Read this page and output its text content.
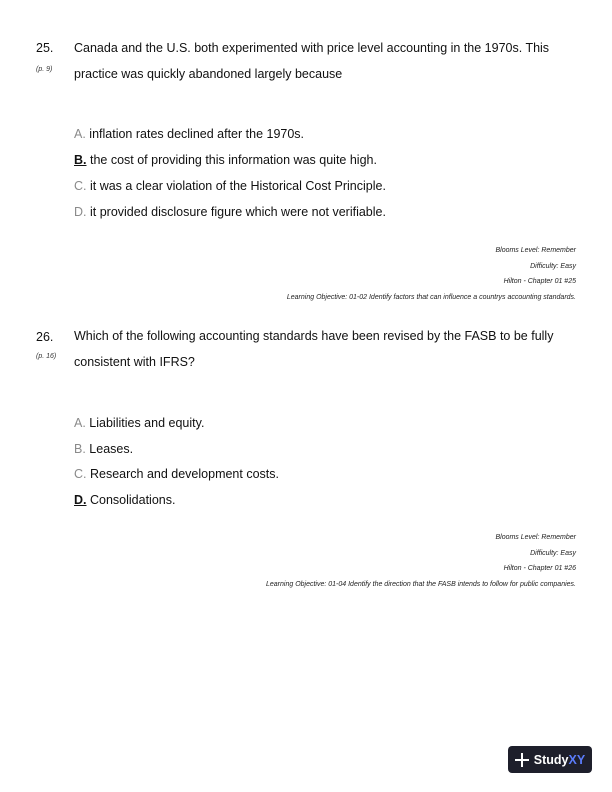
25.
(p. 9)
Canada and the U.S. both experimented with price level accounting in the 1970s. This practice was quickly abandoned largely because
A. inflation rates declined after the 1970s.
B. the cost of providing this information was quite high.
C. it was a clear violation of the Historical Cost Principle.
D. it provided disclosure figure which were not verifiable.
Blooms Level: Remember
Difficulty: Easy
Hilton - Chapter 01 #25
Learning Objective: 01-02 Identify factors that can influence a countrys accounting standards.
26.
(p. 16)
Which of the following accounting standards have been revised by the FASB to be fully consistent with IFRS?
A. Liabilities and equity.
B. Leases.
C. Research and development costs.
D. Consolidations.
Blooms Level: Remember
Difficulty: Easy
Hilton - Chapter 01 #26
Learning Objective: 01-04 Identify the direction that the FASB intends to follow for public companies.
StudyXY
